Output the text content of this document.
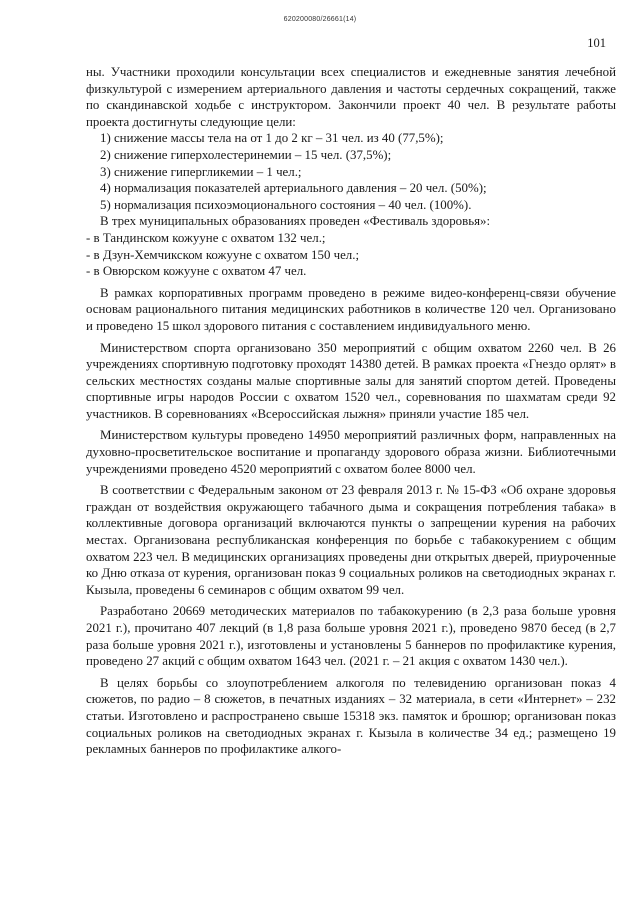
620200080/26661(14)
101

ны. Участники проходили консультации всех специалистов и ежедневные занятия лечебной физкультурой с измерением артериального давления и частоты сердечных сокращений, также по скандинавской ходьбе с инструктором. Закончили проект 40 чел. В результате работы проекта достигнуты следующие цели:

1) снижение массы тела на от 1 до 2 кг – 31 чел. из 40 (77,5%);

2) снижение гиперхолестеринемии – 15 чел. (37,5%);

3) снижение гипергликемии – 1 чел.;

4) нормализация показателей артериального давления – 20 чел. (50%);

5) нормализация психоэмоционального состояния – 40 чел. (100%).

В трех муниципальных образованиях проведен «Фестиваль здоровья»:

- в Тандинском кожууне с охватом 132 чел.;

- в Дзун-Хемчикском кожууне с охватом 150 чел.;

- в Овюрском кожууне с охватом 47 чел.

В рамках корпоративных программ проведено в режиме видео-конференц-связи обучение основам рационального питания медицинских работников в количестве 120 чел. Организовано и проведено 15 школ здорового питания с составлением индивидуального меню.

Министерством спорта организовано 350 мероприятий с общим охватом 2260 чел. В 26 учреждениях спортивную подготовку проходят 14380 детей. В рамках проекта «Гнездо орлят» в сельских местностях созданы малые спортивные залы для занятий спортом детей. Проведены спортивные игры народов России с охватом 1520 чел., соревнования по шахматам среди 92 участников. В соревнованиях «Всероссийская лыжня» приняли участие 185 чел.

Министерством культуры проведено 14950 мероприятий различных форм, направленных на духовно-просветительское воспитание и пропаганду здорового образа жизни. Библиотечными учреждениями проведено 4520 мероприятий с охватом более 8000 чел.

В соответствии с Федеральным законом от 23 февраля 2013 г. № 15-ФЗ «Об охране здоровья граждан от воздействия окружающего табачного дыма и сокращения потребления табака» в коллективные договора организаций включаются пункты о запрещении курения на рабочих местах. Организована республиканская конференция по борьбе с табакокурением с общим охватом 223 чел. В медицинских организациях проведены дни открытых дверей, приуроченные ко Дню отказа от курения, организован показ 9 социальных роликов на светодиодных экранах г. Кызыла, проведены 6 семинаров с общим охватом 99 чел.

Разработано 20669 методических материалов по табакокурению (в 2,3 раза больше уровня 2021 г.), прочитано 407 лекций (в 1,8 раза больше уровня 2021 г.), проведено 9870 бесед (в 2,7 раза больше уровня 2021 г.), изготовлены и установлены 5 баннеров по профилактике курения, проведено 27 акций с общим охватом 1643 чел. (2021 г. – 21 акция с охватом 1430 чел.).

В целях борьбы со злоупотреблением алкоголя по телевидению организован показ 4 сюжетов, по радио – 8 сюжетов, в печатных изданиях – 32 материала, в сети «Интернет» – 232 статьи. Изготовлено и распространено свыше 15318 экз. памяток и брошюр; организован показ социальных роликов на светодиодных экранах г. Кызыла в количестве 34 ед.; размещено 19 рекламных баннеров по профилактике алкого-
